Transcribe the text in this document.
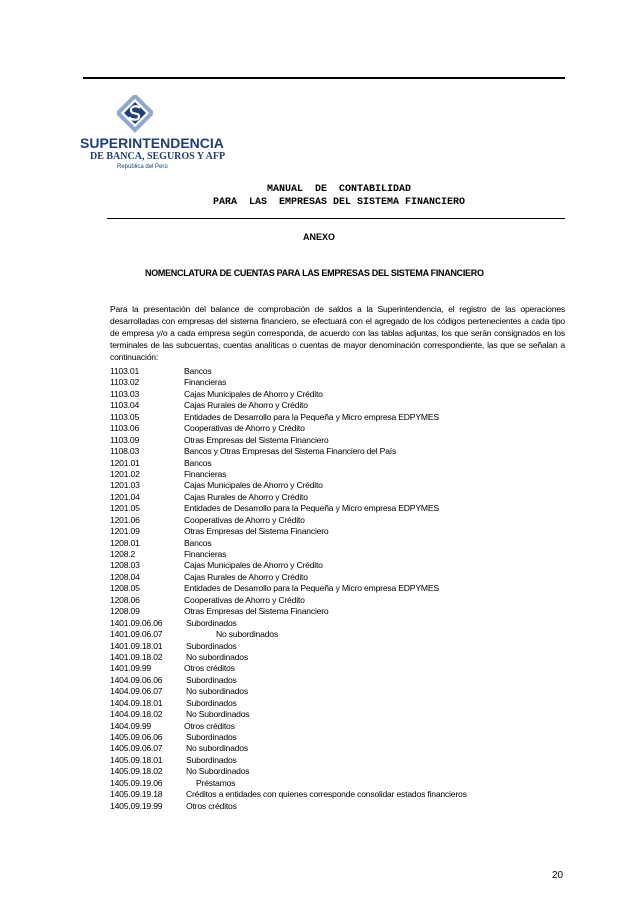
SUPERINTENDENCIA
DE BANCA, SEGUROS Y AFP
República del Perú
MANUAL  DE  CONTABILIDAD
PARA  LAS  EMPRESAS DEL SISTEMA FINANCIERO
ANEXO
NOMENCLATURA DE CUENTAS PARA LAS EMPRESAS DEL SISTEMA FINANCIERO
Para la presentación del balance de comprobación de saldos a la Superintendencia, el registro de las operaciones desarrolladas con empresas del sistema financiero, se efectuará con el agregado de los códigos pertenecientes a cada tipo de empresa y/o a cada empresa según corresponda, de acuerdo con las tablas adjuntas, los que serán consignados en los terminales de las subcuentas, cuentas analíticas o cuentas de mayor denominación correspondiente, las que se señalan a continuación:
1103.01	Bancos
1103.02	Financieras
1103.03	Cajas Municipales de Ahorro y Crédito
1103.04	Cajas Rurales de Ahorro y Crédito
1103.05	Entidades de Desarrollo para la Pequeña y Micro empresa EDPYMES
1103.06	Cooperativas de Ahorro y Crédito
1103.09	Otras Empresas del Sistema Financiero
1108.03	Bancos y Otras Empresas del Sistema Financiero del País
1201.01	Bancos
1201.02	Financieras
1201.03	Cajas Municipales de Ahorro y Crédito
1201.04	Cajas Rurales de Ahorro y Crédito
1201.05	Entidades de Desarrollo para la Pequeña y Micro empresa EDPYMES
1201.06	Cooperativas de Ahorro y Crédito
1201.09	Otras Empresas del Sistema Financiero
1208.01	Bancos
1208.2	Financieras
1208.03	Cajas Municipales de Ahorro y Crédito
1208.04	Cajas Rurales de Ahorro y Crédito
1208.05	Entidades de Desarrollo para la Pequeña y Micro empresa EDPYMES
1208.06	Cooperativas de Ahorro y Crédito
1208.09	Otras Empresas del Sistema Financiero
1401.09.06.06	Subordinados
1401.09.06.07	No subordinados
1401.09.18.01	Subordinados
1401.09.18.02	No subordinados
1401.09.99	Otros créditos
1404.09.06.06	Subordinados
1404.09.06.07	No subordinados
1404.09.18.01	Subordinados
1404.09.18.02	No Subordinados
1404.09.99	Otros créditos
1405.09.06.06	Subordinados
1405.09.06.07	No subordinados
1405.09.18.01	Subordinados
1405.09.18.02	No Subordinados
1405.09.19.06	Préstamos
1405.09.19.18	Créditos a entidades con quienes corresponde consolidar estados financieros
1405.09.19.99	Otros créditos
20
